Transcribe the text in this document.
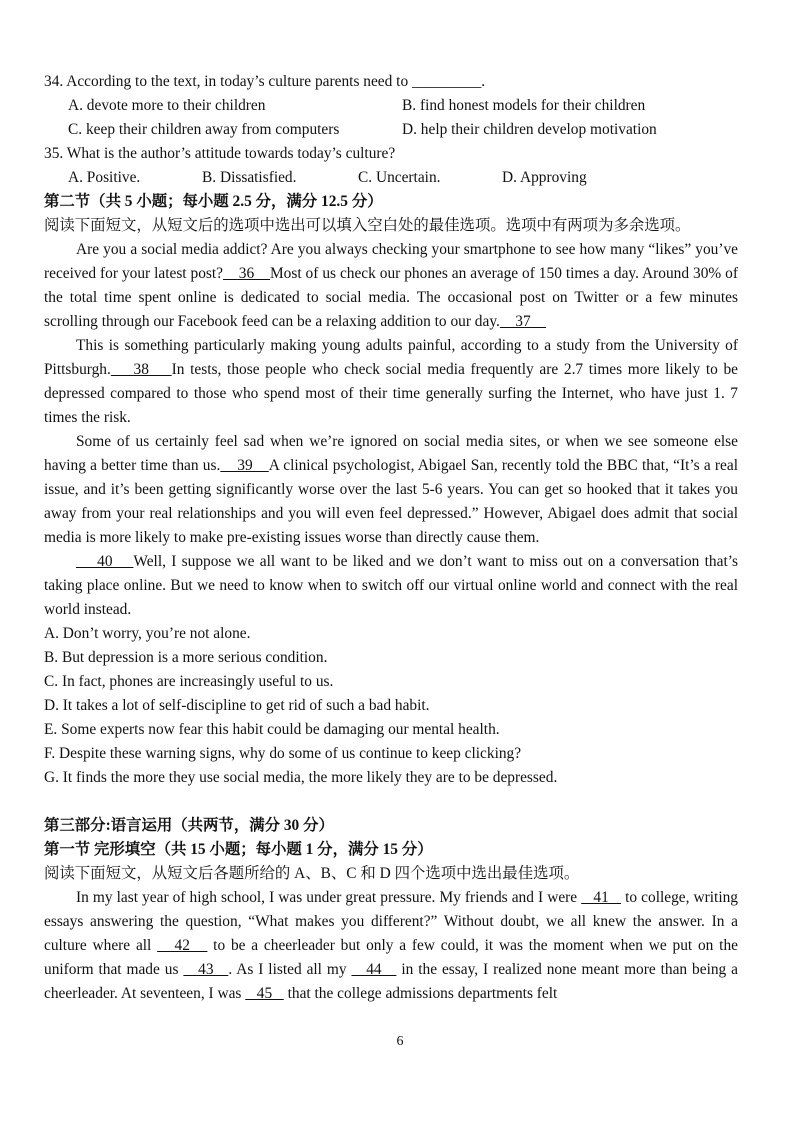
34. According to the text, in today’s culture parents need to _________.

A. devote more to their children	B. find honest models for their children
C. keep their children away from computers	D. help their children develop motivation

35. What is the author’s attitude towards today’s culture?

A. Positive.	B. Dissatisfied.	C. Uncertain.	D. Approving

第二节（共 5 小题；每小题 2.5 分，满分 12.5 分）

阅读下面短文，从短文后的选项中选出可以填入空白处的最佳选项。选项中有两项为多余选项。

Are you a social media addict? Are you always checking your smartphone to see how many “likes” you’ve received for your latest post?    36    Most of us check our phones an average of 150 times a day. Around 30% of the total time spent online is dedicated to social media. The occasional post on Twitter or a few minutes scrolling through our Facebook feed can be a relaxing addition to our day.    37

This is something particularly making young adults painful, according to a study from the University of Pittsburgh.    38    In tests, those people who check social media frequently are 2.7 times more likely to be depressed compared to those who spend most of their time generally surfing the Internet, who have just 1. 7 times the risk.

Some of us certainly feel sad when we’re ignored on social media sites, or when we see someone else having a better time than us.    39    A clinical psychologist, Abigael San, recently told the BBC that, “It’s a real issue, and it’s been getting significantly worse over the last 5-6 years. You can get so hooked that it takes you away from your real relationships and you will even feel depressed.” However, Abigael does admit that social media is more likely to make pre-existing issues worse than directly cause them.

40    Well, I suppose we all want to be liked and we don’t want to miss out on a conversation that’s taking place online. But we need to know when to switch off our virtual online world and connect with the real world instead.

A. Don’t worry, you’re not alone.

B. But depression is a more serious condition.

C. In fact, phones are increasingly useful to us.

D. It takes a lot of self-discipline to get rid of such a bad habit.

E. Some experts now fear this habit could be damaging our mental health.

F. Despite these warning signs, why do some of us continue to keep clicking?

G. It finds the more they use social media, the more likely they are to be depressed.

第三部分:语言运用（共两节，满分 30 分）

第一节 完形填空（共 15 小题；每小题 1 分，满分 15 分）

阅读下面短文，从短文后各题所给的 A、B、C 和 D 四个选项中选出最佳选项。

In my last year of high school, I was under great pressure. My friends and I were    41    to college, writing essays answering the question, “What makes you different?” Without doubt, we all knew the answer. In a culture where all    42    to be a cheerleader but only a few could, it was the moment when we put on the uniform that made us    43   . As I listed all my    44    in the essay, I realized none meant more than being a cheerleader. At seventeen, I was    45    that the college admissions departments felt

6
